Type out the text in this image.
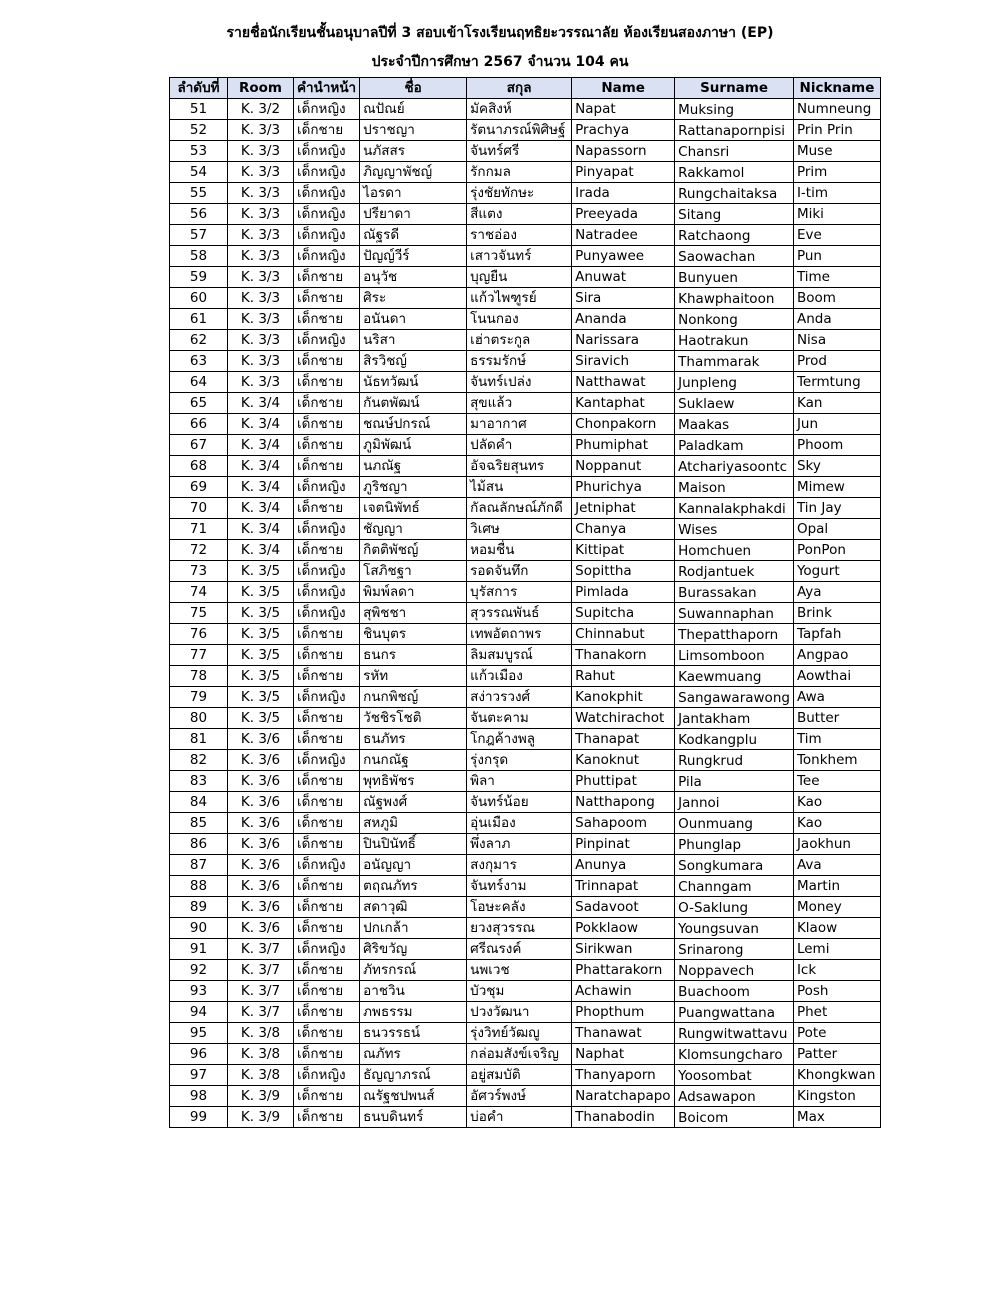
รายชื่อนักเรียนชั้นอนุบาลปีที่ 3 สอบเข้าโรงเรียนฤทธิยะวรรณาลัย ห้องเรียนสองภาษา (EP)
ประจำปีการศึกษา 2567 จำนวน 104 คน
ลำดับที่	Room	คำนำหน้า	ชื่อ	สกุล	Name	Surname	Nickname
51	K. 3/2	เด็กหญิง	ณปัณย์	มัคสิงห์	Napat	Muksing	Numneung
52	K. 3/3	เด็กชาย	ปราชญา	รัตนาภรณ์พิศิษฐ์	Prachya	Rattanapornpisi	Prin Prin
53	K. 3/3	เด็กหญิง	นภัสสร	จันทร์ศรี	Napassorn	Chansri	Muse
54	K. 3/3	เด็กหญิง	ภิญญาพัชญ์	รักกมล	Pinyapat	Rakkamol	Prim
55	K. 3/3	เด็กหญิง	ไอรดา	รุ่งชัยทักษะ	Irada	Rungchaitaksa	I-tim
56	K. 3/3	เด็กหญิง	ปรียาดา	สีแตง	Preeyada	Sitang	Miki
57	K. 3/3	เด็กหญิง	ณัฐรดี	ราชอ่อง	Natradee	Ratchaong	Eve
58	K. 3/3	เด็กหญิง	ปัญญ์วีร์	เสาวจันทร์	Punyawee	Saowachan	Pun
59	K. 3/3	เด็กชาย	อนุวัช	บุญยืน	Anuwat	Bunyuen	Time
60	K. 3/3	เด็กชาย	ศิระ	แก้วไพฑูรย์	Sira	Khawphaitoon	Boom
61	K. 3/3	เด็กชาย	อนันดา	โนนกอง	Ananda	Nonkong	Anda
62	K. 3/3	เด็กหญิง	นริสา	เฮ่าตระกูล	Narissara	Haotrakun	Nisa
63	K. 3/3	เด็กชาย	สิรวิชญ์	ธรรมรักษ์	Siravich	Thammarak	Prod
64	K. 3/3	เด็กชาย	นัธทวัฒน์	จันทร์เปล่ง	Natthawat	Junpleng	Termtung
65	K. 3/4	เด็กชาย	กันตพัฒน์	สุขแล้ว	Kantaphat	Suklaew	Kan
66	K. 3/4	เด็กชาย	ชณษ์ปกรณ์	มาอากาศ	Chonpakorn	Maakas	Jun
67	K. 3/4	เด็กชาย	ภูมิพัฒน์	ปลัดคำ	Phumiphat	Paladkam	Phoom
68	K. 3/4	เด็กชาย	นภณัฐ	อัจฉริยสุนทร	Noppanut	Atchariyasoontc	Sky
69	K. 3/4	เด็กหญิง	ภูริชญา	ไม้สน	Phurichya	Maison	Mimew
70	K. 3/4	เด็กชาย	เจตนิพัทธ์	กัลณลักษณ์ภักดี	Jetniphat	Kannalakphakdi	Tin Jay
71	K. 3/4	เด็กหญิง	ชัญญา	วิเศษ	Chanya	Wises	Opal
72	K. 3/4	เด็กชาย	กิตติพัชญ์	หอมชื่น	Kittipat	Homchuen	PonPon
73	K. 3/5	เด็กหญิง	โสภิชฐา	รอดจันทึก	Sopittha	Rodjantuek	Yogurt
74	K. 3/5	เด็กหญิง	พิมพ์ลดา	บุรัสการ	Pimlada	Burassakan	Aya
75	K. 3/5	เด็กหญิง	สุพิชชา	สุวรรณพันธ์	Supitcha	Suwannaphan	Brink
76	K. 3/5	เด็กชาย	ชินบุตร	เทพอัตถาพร	Chinnabut	Thepatthaporn	Tapfah
77	K. 3/5	เด็กชาย	ธนกร	ลิมสมบูรณ์	Thanakorn	Limsomboon	Angpao
78	K. 3/5	เด็กชาย	รหัท	แก้วเมือง	Rahut	Kaewmuang	Aowthai
79	K. 3/5	เด็กหญิง	กนกพิชญ์	สง่าวรวงศ์	Kanokphit	Sangawarawong	Awa
80	K. 3/5	เด็กชาย	วัชชิรโชติ	จันตะคาม	Watchirachot	Jantakham	Butter
81	K. 3/6	เด็กชาย	ธนภัทร	โกฎค้างพลู	Thanapat	Kodkangplu	Tim
82	K. 3/6	เด็กหญิง	กนกณัฐ	รุ่งกรุด	Kanoknut	Rungkrud	Tonkhem
83	K. 3/6	เด็กชาย	พุทธิพัชร	พิลา	Phuttipat	Pila	Tee
84	K. 3/6	เด็กชาย	ณัฐพงศ์	จันทร์น้อย	Natthapong	Jannoi	Kao
85	K. 3/6	เด็กชาย	สหภูมิ	อุ่นเมือง	Sahapoom	Ounmuang	Kao
86	K. 3/6	เด็กชาย	ปินปินัทธิ์	พึ่งลาภ	Pinpinat	Phunglap	Jaokhun
87	K. 3/6	เด็กหญิง	อนัญญา	สงกุมาร	Anunya	Songkumara	Ava
88	K. 3/6	เด็กชาย	ตฤณภัทร	จันทร์งาม	Trinnapat	Channgam	Martin
89	K. 3/6	เด็กชาย	สดาวุฒิ	โอษะคลัง	Sadavoot	O-Saklung	Money
90	K. 3/6	เด็กชาย	ปกเกล้า	ยวงสุวรรณ	Pokklaow	Youngsuvan	Klaow
91	K. 3/7	เด็กหญิง	ศิริขวัญ	ศรีณรงค์	Sirikwan	Srinarong	Lemi
92	K. 3/7	เด็กชาย	ภัทรกรณ์	นพเวช	Phattarakorn	Noppavech	Ick
93	K. 3/7	เด็กชาย	อาชวิน	บัวชุม	Achawin	Buachoom	Posh
94	K. 3/7	เด็กชาย	ภพธรรม	ปวงวัฒนา	Phopthum	Puangwattana	Phet
95	K. 3/8	เด็กชาย	ธนวรรธน์	รุ่งวิทย์วัฒญู	Thanawat	Rungwitwattavu	Pote
96	K. 3/8	เด็กชาย	ณภัทร	กล่อมสังข์เจริญ	Naphat	Klomsungcharo	Patter
97	K. 3/8	เด็กหญิง	ธัญญาภรณ์	อยู่สมบัติ	Thanyaporn	Yoosombat	Khongkwan
98	K. 3/9	เด็กชาย	ณรัฐชปพนส์	อัศวร์พงษ์	Naratchapapo	Adsawapon	Kingston
99	K. 3/9	เด็กชาย	ธนบดินทร์	บ่อคำ	Thanabodin	Boicom	Max
